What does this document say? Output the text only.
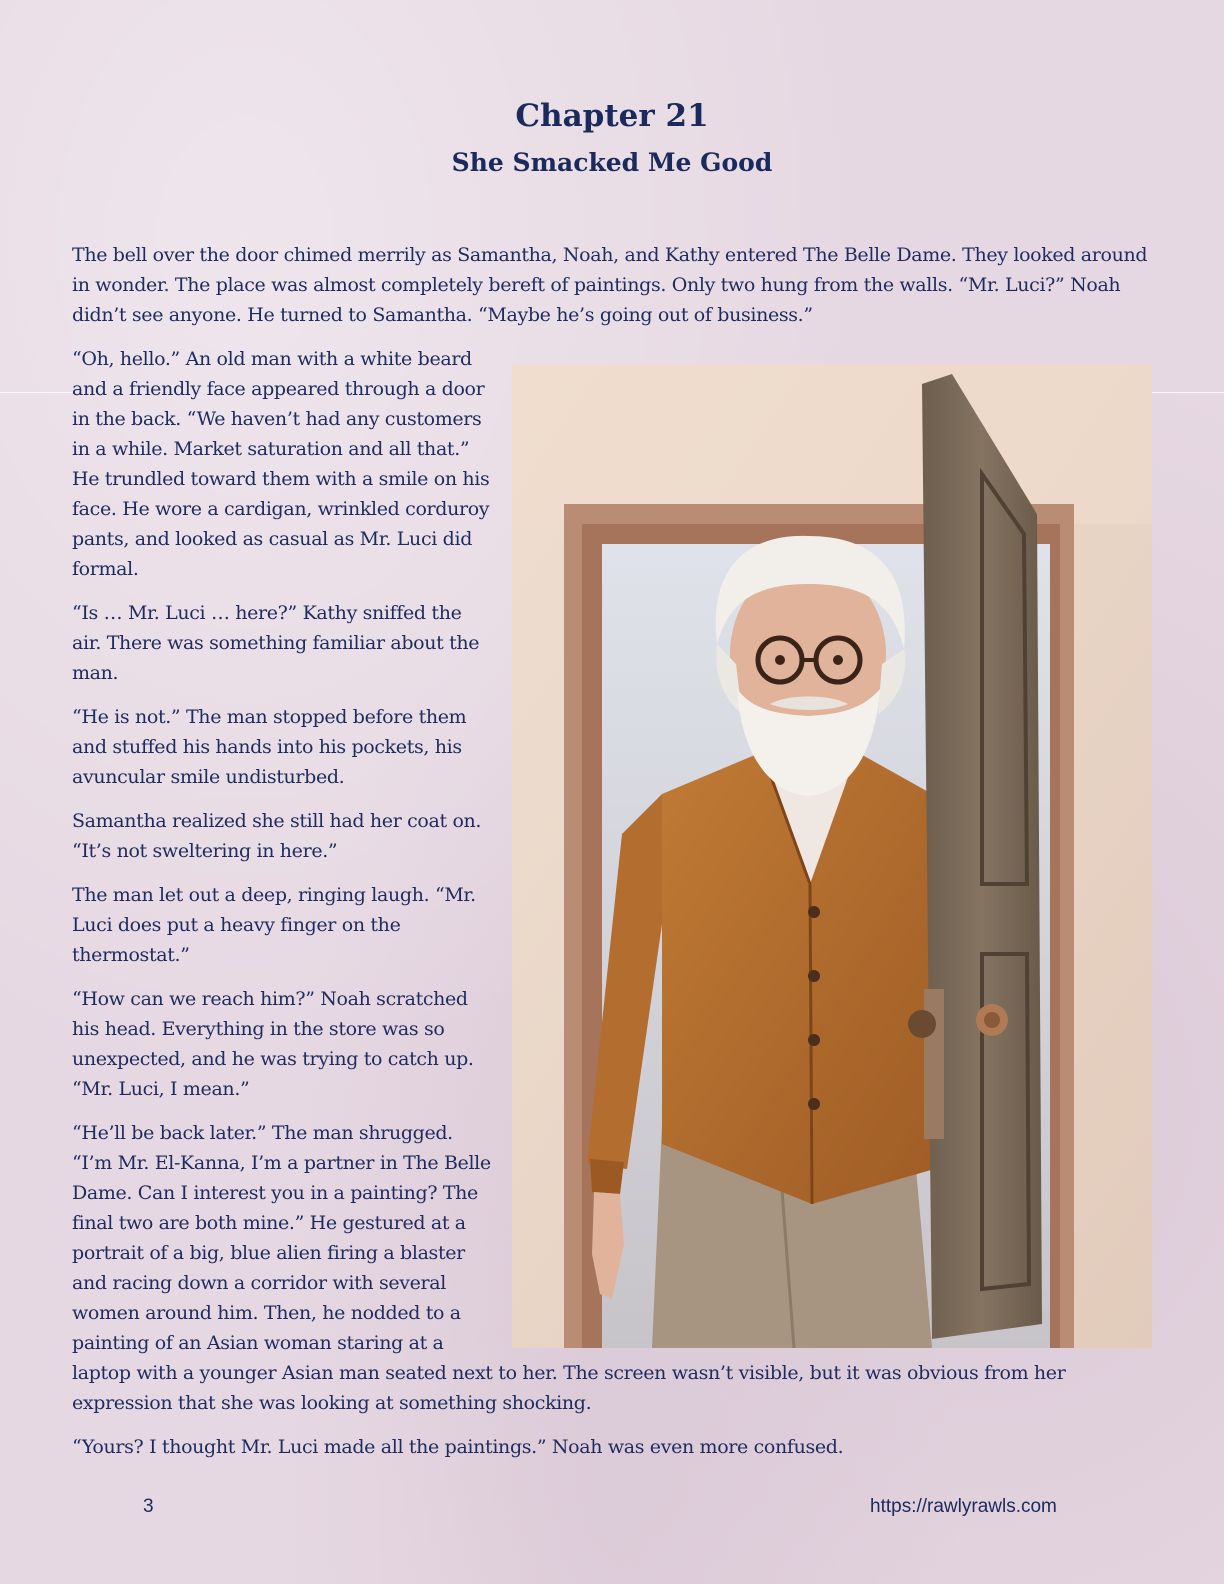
Chapter 21
She Smacked Me Good

The bell over the door chimed merrily as Samantha, Noah, and Kathy entered The Belle Dame. They looked around in wonder. The place was almost completely bereft of paintings. Only two hung from the walls. “Mr. Luci?” Noah didn’t see anyone. He turned to Samantha. “Maybe he’s going out of business.”

“Oh, hello.” An old man with a white beard and a friendly face appeared through a door in the back. “We haven’t had any customers in a while. Market saturation and all that.” He trundled toward them with a smile on his face. He wore a cardigan, wrinkled corduroy pants, and looked as casual as Mr. Luci did formal.

“Is … Mr. Luci … here?” Kathy sniffed the air. There was something familiar about the man.

“He is not.” The man stopped before them and stuffed his hands into his pockets, his avuncular smile undisturbed.

Samantha realized she still had her coat on. “It’s not sweltering in here.”

The man let out a deep, ringing laugh. “Mr. Luci does put a heavy finger on the thermostat.”

“How can we reach him?” Noah scratched his head. Everything in the store was so unexpected, and he was trying to catch up. “Mr. Luci, I mean.”

“He’ll be back later.” The man shrugged. “I’m Mr. El-Kanna, I’m a partner in The Belle Dame. Can I interest you in a painting? The final two are both mine.” He gestured at a portrait of a big, blue alien firing a blaster and racing down a corridor with several women around him. Then, he nodded to a painting of an Asian woman staring at a laptop with a younger Asian man seated next to her. The screen wasn’t visible, but it was obvious from her expression that she was looking at something shocking.

“Yours? I thought Mr. Luci made all the paintings.” Noah was even more confused.

3	https://rawlyrawls.com
